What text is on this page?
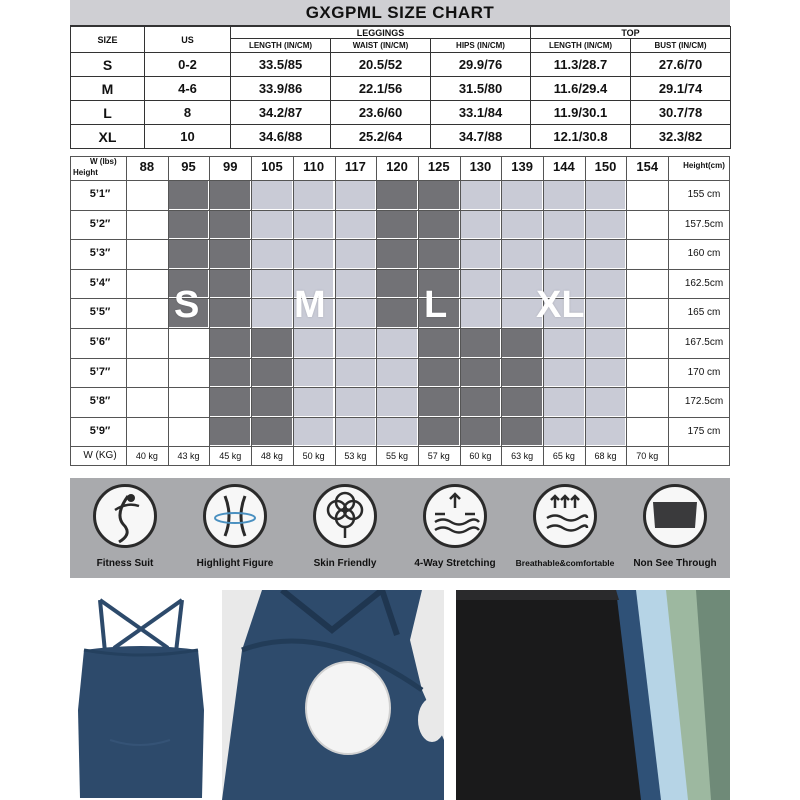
GXGPML SIZE CHART
SIZE	US	LEGGINGS			TOP	
		LENGTH (IN/CM)	WAIST (IN/CM)	HIPS (IN/CM)	LENGTH (IN/CM)	BUST (IN/CM)
S	0-2	33.5/85	20.5/52	29.9/76	11.3/28.7	27.6/70
M	4-6	33.9/86	22.1/56	31.5/80	11.6/29.4	29.1/74
L	8	34.2/87	23.6/60	33.1/84	11.9/30.1	30.7/78
XL	10	34.6/88	25.2/64	34.7/88	12.1/30.8	32.3/82
W (lbs)
Height
Height(cm)
88	95	99	105	110	117	120	125	130	139	144	150	154
5’1″	155 cm
5’2″	157.5cm
5’3″	160 cm
5’4″	162.5cm
5’5″	165 cm
5’6″	167.5cm
5’7″	170 cm
5’8″	172.5cm
5’9″	175 cm
W (KG)	40 kg	43 kg	45 kg	48 kg	50 kg	53 kg	55 kg	57 kg	60 kg	63 kg	65 kg	68 kg	70 kg
S M	L XL
Fitness Suit	Highlight Figure	Skin Friendly	4-Way Stretching	Breathable&comfortable	Non See Through
